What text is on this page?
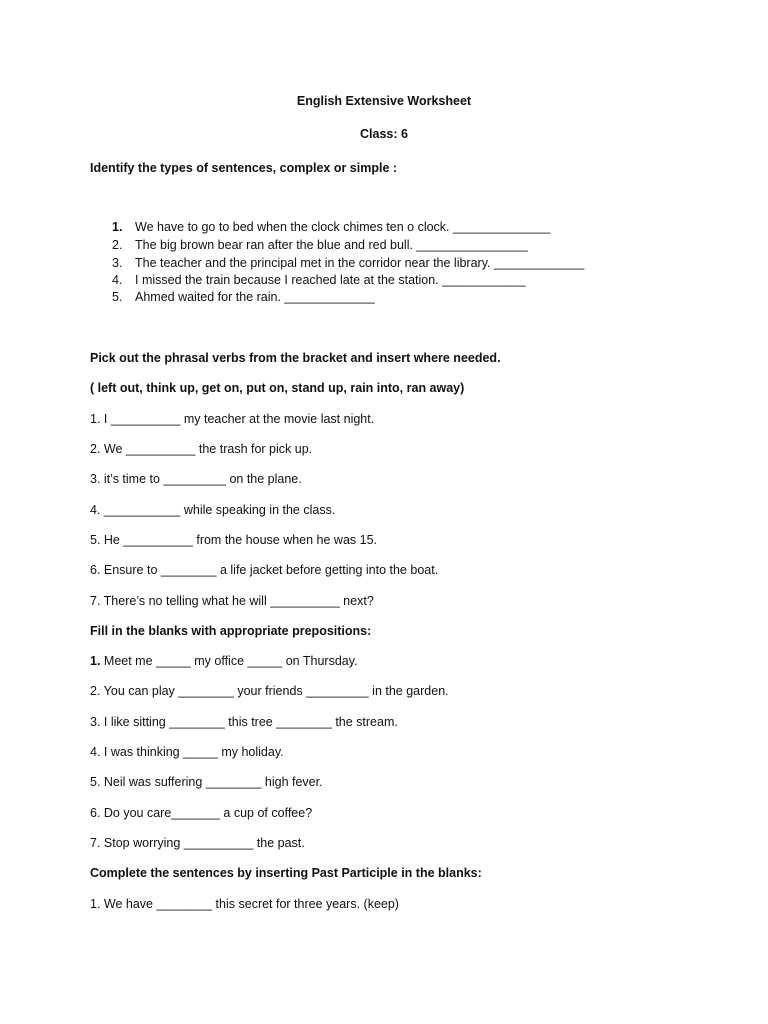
English Extensive Worksheet
Class: 6
Identify the types of sentences, complex or simple :
1. We have to go to bed when the clock chimes ten o clock. ______________
2. The big brown bear ran after the blue and red bull. ________________
3. The teacher and the principal met in the corridor near the library. _____________
4. I missed the train because I reached late at the station. ____________
5. Ahmed waited for the rain. _____________
Pick out the phrasal verbs from the bracket and insert where needed.
( left out, think up, get on, put on, stand up, rain into, ran away)
1. I __________ my teacher at the movie last night.
2. We __________ the trash for pick up.
3. it’s time to _________ on the plane.
4. ___________ while speaking in the class.
5. He __________ from the house when he was 15.
6. Ensure to ________ a life jacket before getting into the boat.
7. There’s no telling what he will __________ next?
Fill in the blanks with appropriate prepositions:
1. Meet me _____ my office _____ on Thursday.
2. You can play ________ your friends _________ in the garden.
3. I like sitting ________ this tree ________ the stream.
4. I was thinking _____ my holiday.
5. Neil was suffering ________ high fever.
6. Do you care_______ a cup of coffee?
7. Stop worrying __________ the past.
Complete the sentences by inserting Past Participle in the blanks:
1. We have ________ this secret for three years. (keep)
